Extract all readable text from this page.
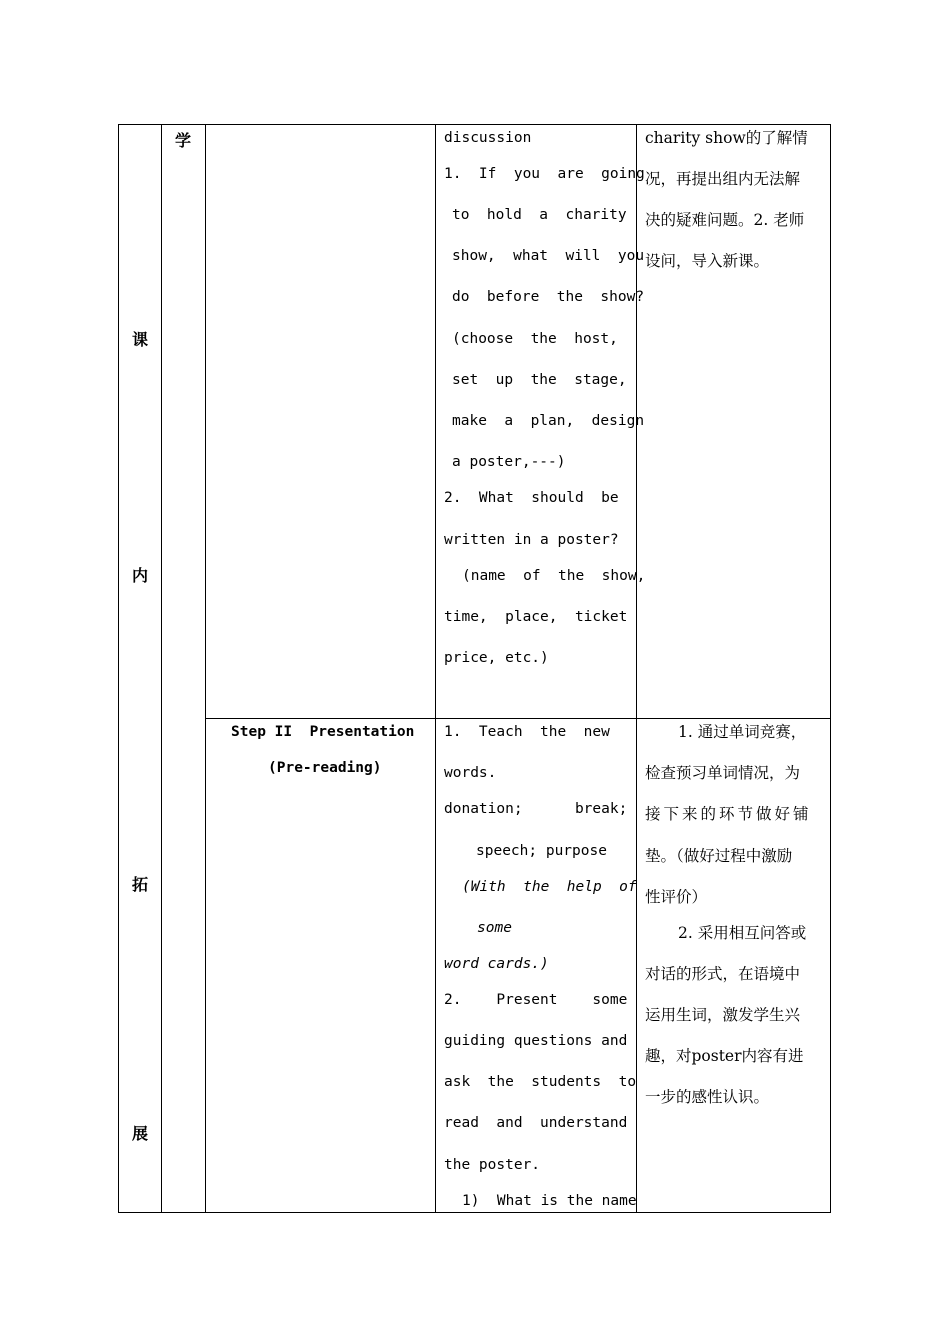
课
内
拓
展
学	discussion
1.  If  you  are  going
to  hold  a  charity
show,  what  will  you
do  before  the  show?
(choose  the  host,
set  up  the  stage,
make  a  plan,  design
a poster,---)
2.  What  should  be
written in a poster?
(name  of  the  show,
time,  place,  ticket
price, etc.)
charity show的了解情
况，再提出组内无法解
决的疑难问题。2. 老师
设问，导入新课。
Step II  Presentation
(Pre-reading)
1.  Teach  the  new
words.
donation;      break;
speech; purpose
(With  the  help  of
some
word cards.)
2.    Present    some
guiding questions and
ask  the  students  to
read  and  understand
the poster.
1)  What is the name
1. 通过单词竞赛，
检查预习单词情况，为
接下来的环节做好铺
垫。（做好过程中激励
性评价）
2. 采用相互问答或
对话的形式，在语境中
运用生词，激发学生兴
趣，对poster内容有进
一步的感性认识。
